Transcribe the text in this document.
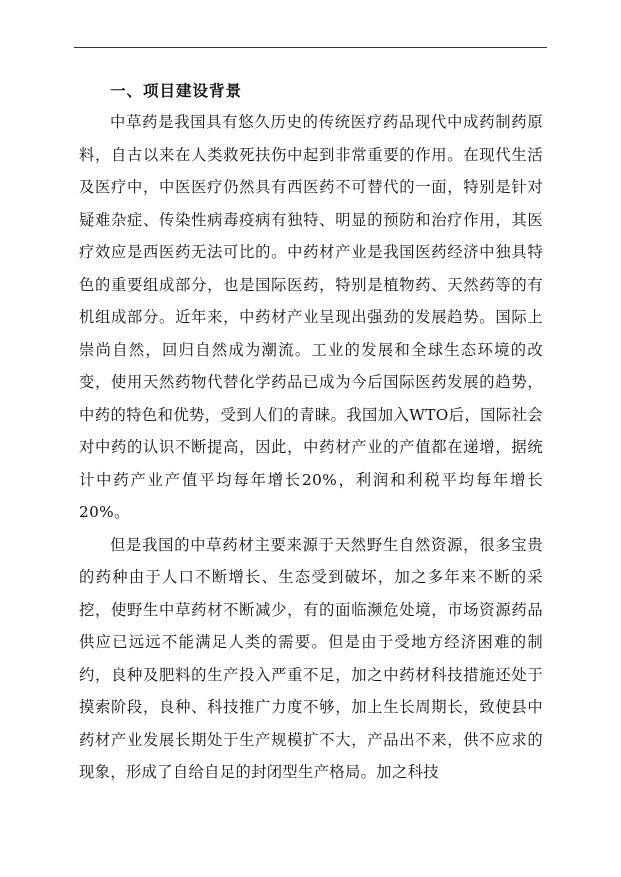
一、项目建设背景

中草药是我国具有悠久历史的传统医疗药品现代中成药制药原料，自古以来在人类救死扶伤中起到非常重要的作用。在现代生活及医疗中，中医医疗仍然具有西医药不可替代的一面，特别是针对疑难杂症、传染性病毒疫病有独特、明显的预防和治疗作用，其医疗效应是西医药无法可比的。中药材产业是我国医药经济中独具特色的重要组成部分，也是国际医药，特别是植物药、天然药等的有机组成部分。近年来，中药材产业呈现出强劲的发展趋势。国际上崇尚自然，回归自然成为潮流。工业的发展和全球生态环境的改变，使用天然药物代替化学药品已成为今后国际医药发展的趋势，中药的特色和优势，受到人们的青睐。我国加入WTO后，国际社会对中药的认识不断提高，因此，中药材产业的产值都在递增，据统计中药产业产值平均每年增长20%，利润和利税平均每年增长20%。

但是我国的中草药材主要来源于天然野生自然资源，很多宝贵的药种由于人口不断增长、生态受到破坏，加之多年来不断的采挖，使野生中草药材不断减少，有的面临濒危处境，市场资源药品供应已远远不能满足人类的需要。但是由于受地方经济困难的制约，良种及肥料的生产投入严重不足，加之中药材科技措施还处于摸索阶段，良种、科技推广力度不够，加上生长周期长，致使县中药材产业发展长期处于生产规模扩不大，产品出不来，供不应求的现象，形成了自给自足的封闭型生产格局。加之科技
